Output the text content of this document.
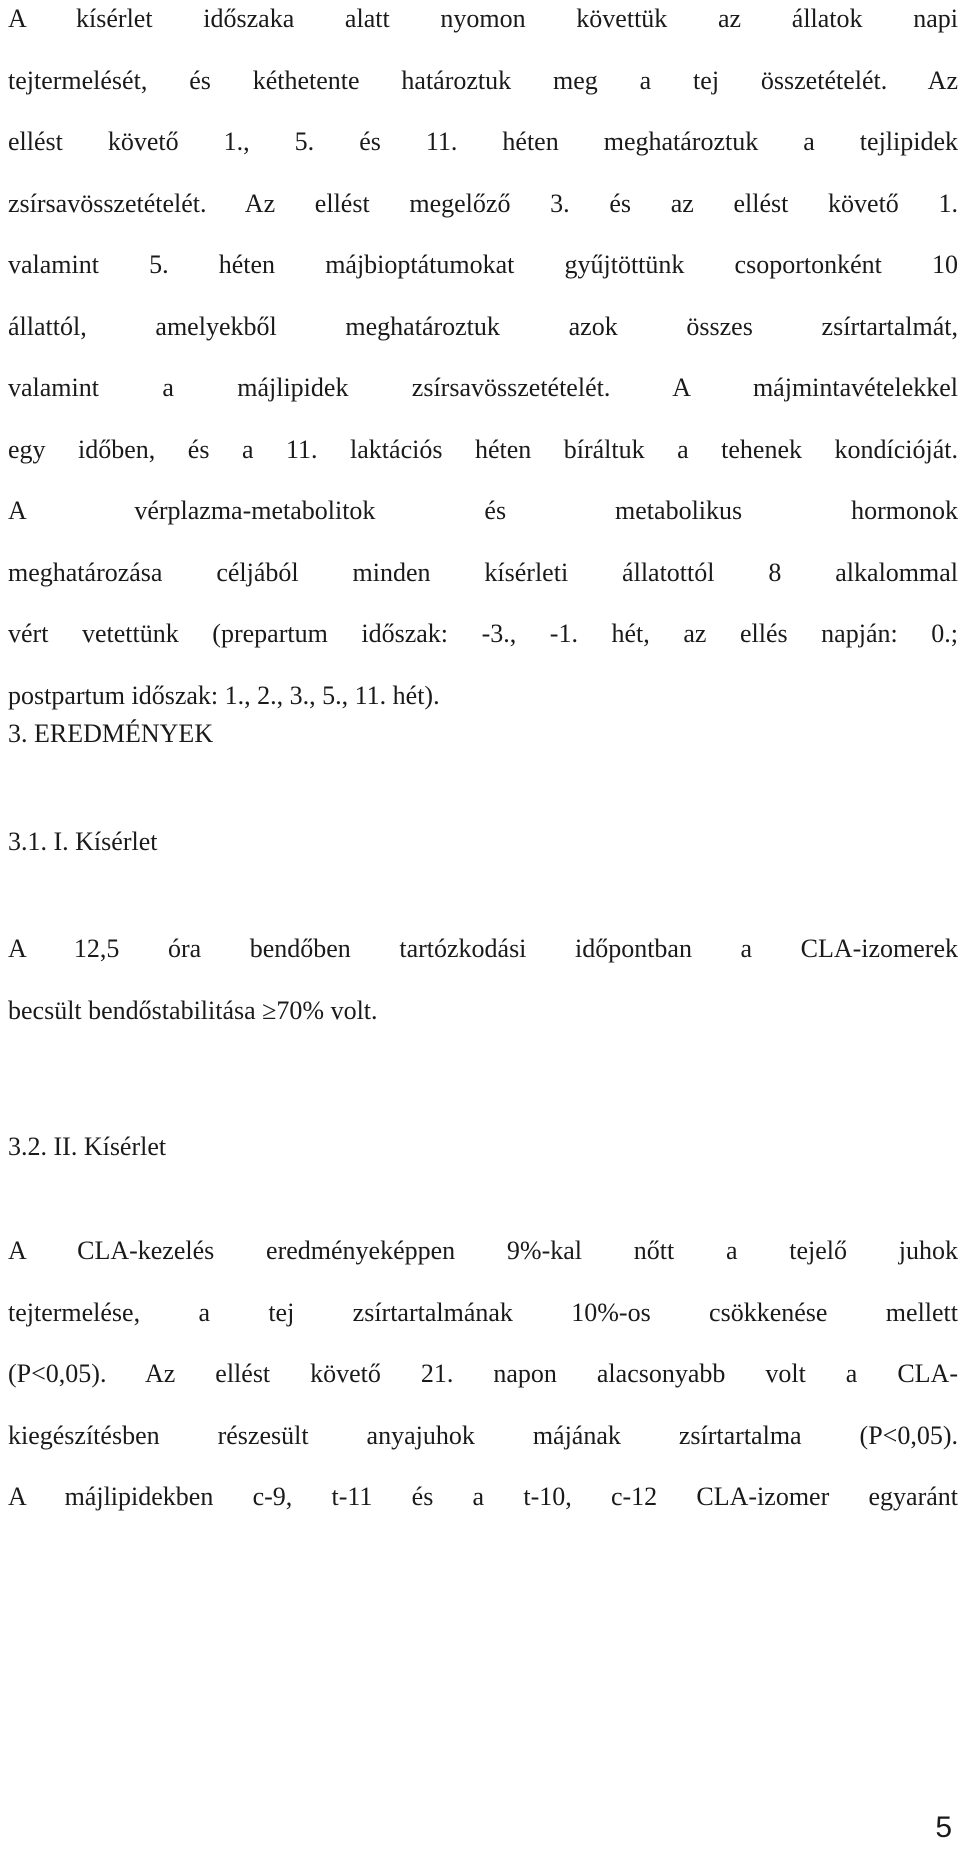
A kísérlet időszaka alatt nyomon követtük az állatok napi
tejtermelését, és kéthetente határoztuk meg a tej összetételét. Az
ellést követő 1., 5. és 11. héten meghatároztuk a tejlipidek
zsírsavösszetételét. Az ellést megelőző 3. és az ellést követő 1.
valamint 5. héten májbioptátumokat gyűjtöttünk csoportonként 10
állattól, amelyekből meghatároztuk azok összes zsírtartalmát,
valamint a májlipidek zsírsavösszetételét. A májmintavételekkel
egy időben, és a 11. laktációs héten bíráltuk a tehenek kondícióját.
A vérplazma-metabolitok és metabolikus hormonok
meghatározása céljából minden kísérleti állatottól 8 alkalommal
vért vetettünk (prepartum időszak: -3., -1. hét, az ellés napján: 0.;
postpartum időszak: 1., 2., 3., 5., 11. hét).
3. EREDMÉNYEK
3.1. I. Kísérlet
A 12,5 óra bendőben tartózkodási időpontban a CLA-izomerek
becsült bendőstabilitása ≥70% volt.
3.2. II. Kísérlet
A CLA-kezelés eredményeképpen 9%-kal nőtt a tejelő juhok
tejtermelése, a tej zsírtartalmának 10%-os csökkenése mellett
(P<0,05). Az ellést követő 21. napon alacsonyabb volt a CLA-
kiegészítésben részesült anyajuhok májának zsírtartalma (P<0,05).
A májlipidekben c-9, t-11 és a t-10, c-12 CLA-izomer egyaránt
5
